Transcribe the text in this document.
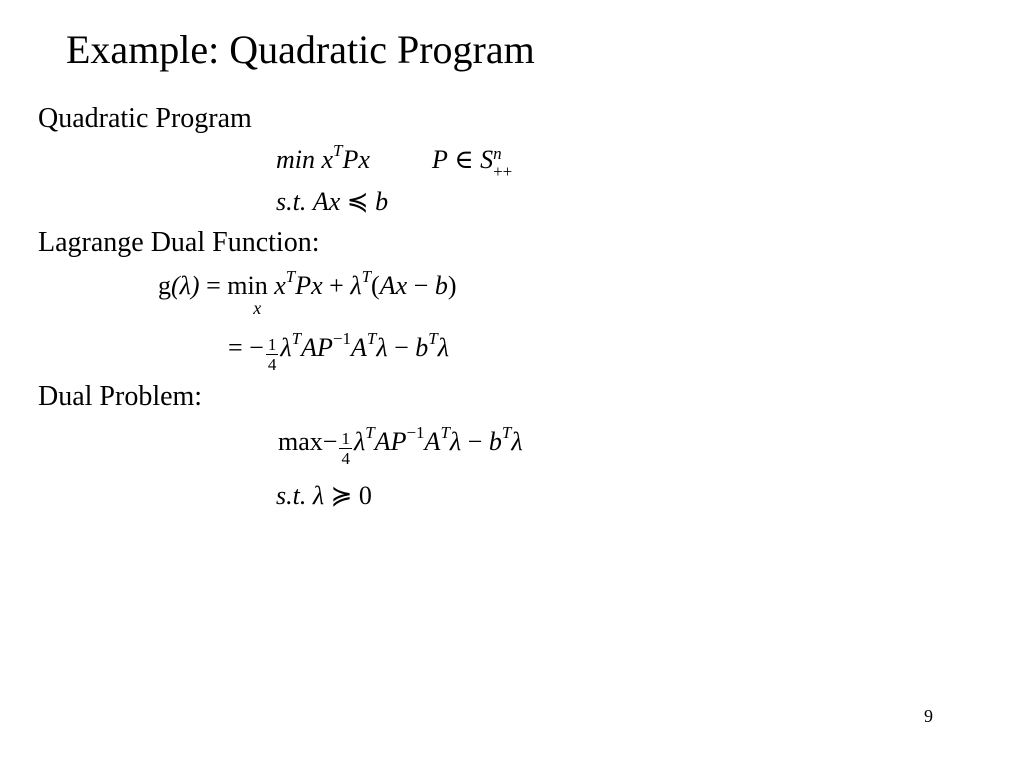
Example: Quadratic Program
Quadratic Program
$\min x^TPx$ P ∈ S n
++
s.t. Ax ≼ b
Lagrange Dual Function:
g(λ) = min
x
$x^TPx + \lambda^T(Ax - b)$
= − $\frac{1}{4} \lambda^TAP^{-1}A^T\lambda - b^T\lambda$
Dual Problem:
$\max- \frac{1}{4} \lambda^TAP^{-1}A^T\lambda - b^T\lambda$
s.t. λ ≽ 0
9
